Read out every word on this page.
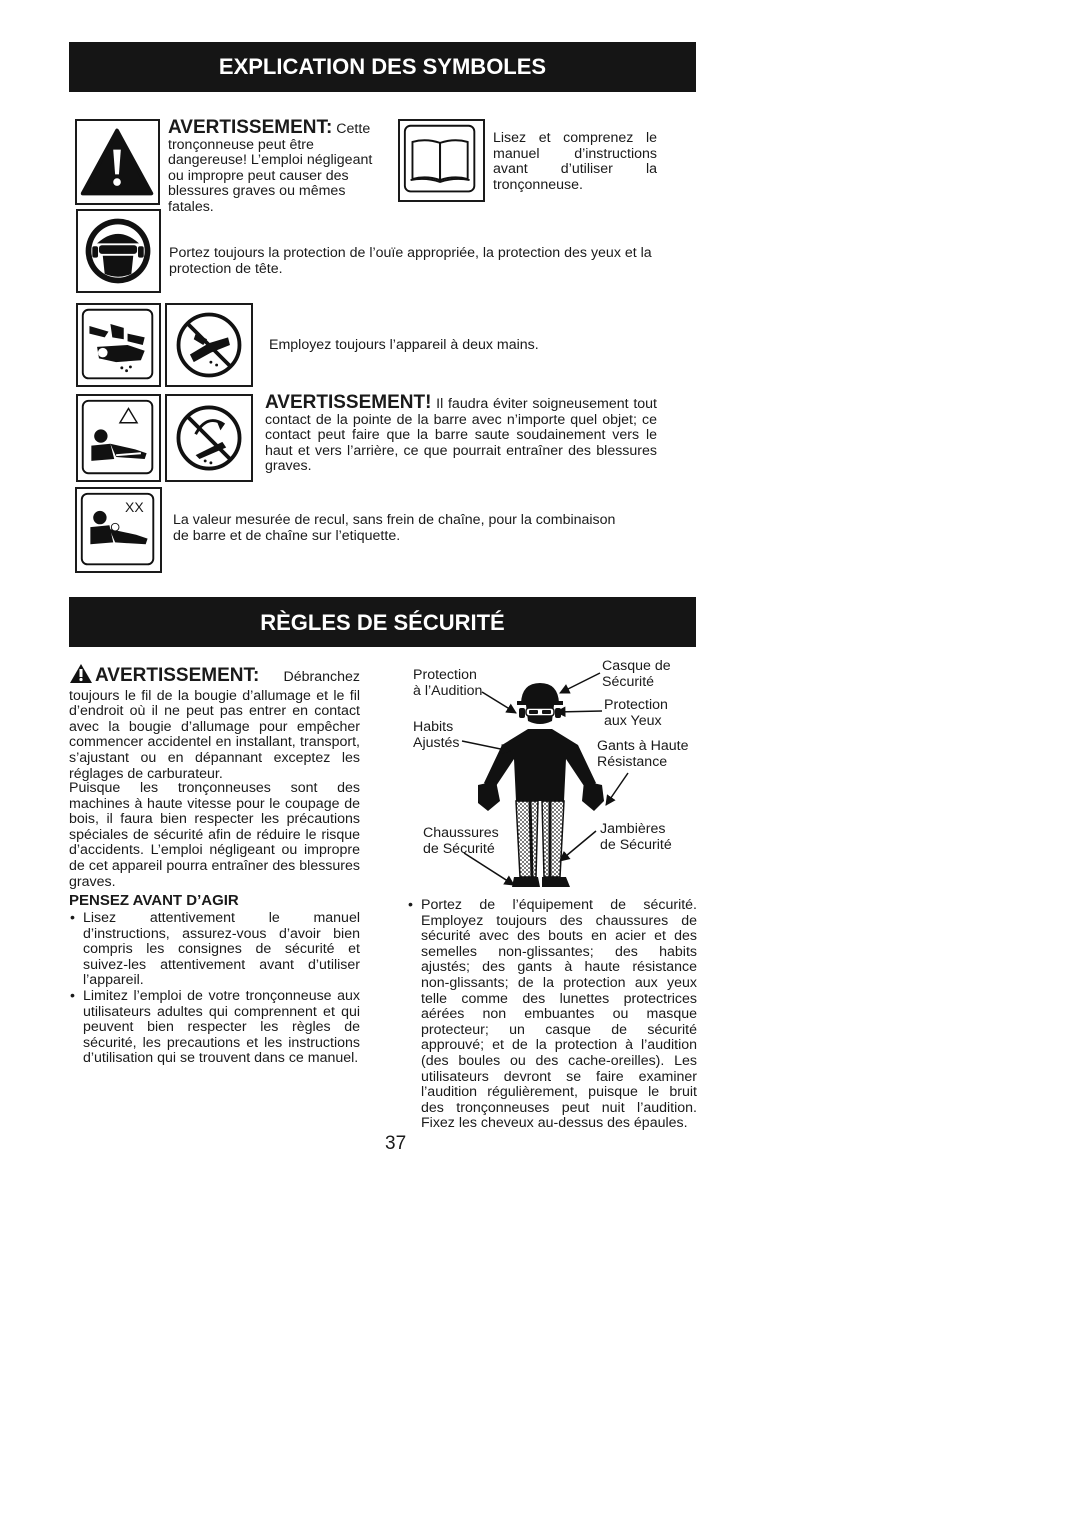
EXPLICATION DES SYMBOLES
AVERTISSEMENT: Cette tronçonneuse peut être dangereuse! L’emploi négligeant ou impropre peut causer des blessures graves ou mêmes fatales.
Lisez et comprenez le manuel d’instructions avant d’utiliser la tronçonneuse.
Portez toujours la protection de l’ouïe appropriée, la protection des yeux et la protection de tête.
Employez toujours l’appareil à deux mains.
AVERTISSEMENT! Il faudra éviter soigneusement tout contact de la pointe de la barre avec n’importe quel objet; ce contact peut faire que la barre saute soudainement vers le haut et vers l’arrière, ce que pourrait entraîner des blessures graves.
XX
La valeur mesurée de recul, sans frein de chaîne, pour la combinaison de barre et de chaîne sur l’etiquette.
RÈGLES DE SÉCURITÉ
AVERTISSEMENT: Débranchez toujours le fil de la bougie d’allumage et le fil d’endroit où il ne peut pas entrer en contact avec la bougie d’allumage pour empêcher commencer accidentel en installant, transport, s’ajustant ou en dépannant exceptez les réglages de carburateur.
Puisque les tronçonneuses sont des machines à haute vitesse pour le coupage de bois, il faura bien respecter les précautions spéciales de sécurité afin de réduire le risque d’accidents. L’emploi négligeant ou impropre de cet appareil pourra entraîner des blessures graves.
PENSEZ AVANT D’AGIR
• Lisez attentivement le manuel d’instructions, assurez‑vous d’avoir bien compris les consignes de sécurité et suivez‑les attentivement avant d’utiliser l’appareil.
• Limitez l’emploi de votre tronçonneuse aux utilisateurs adultes qui comprennent et qui peuvent bien respecter les règles de sécurité, les precautions et les instructions d’utilisation qui se trouvent dans ce manuel.
Protection
à l’Audition
Casque de
Sécurité
Protection
aux Yeux
Habits
Ajustés	Gants à Haute
Résistance
Chaussures
de Sécurité
Jambières
de Sécurité
• Portez de l’équipement de sécurité. Employez toujours des chaussures de sécurité avec des bouts en acier et des semelles non‑glissantes; des habits ajustés; des gants à haute résistance non‑glissants; de la protection aux yeux telle comme des lunettes protectrices aérées non embuantes ou masque protecteur; un casque de sécurité approuvé; et de la protection à l’audition (des boules ou des cache‑oreilles). Les utilisateurs devront se faire examiner l’audition régulièrement, puisque le bruit des tronçonneuses peut nuit l’audition. Fixez les cheveux au‑dessus des épaules.
37
